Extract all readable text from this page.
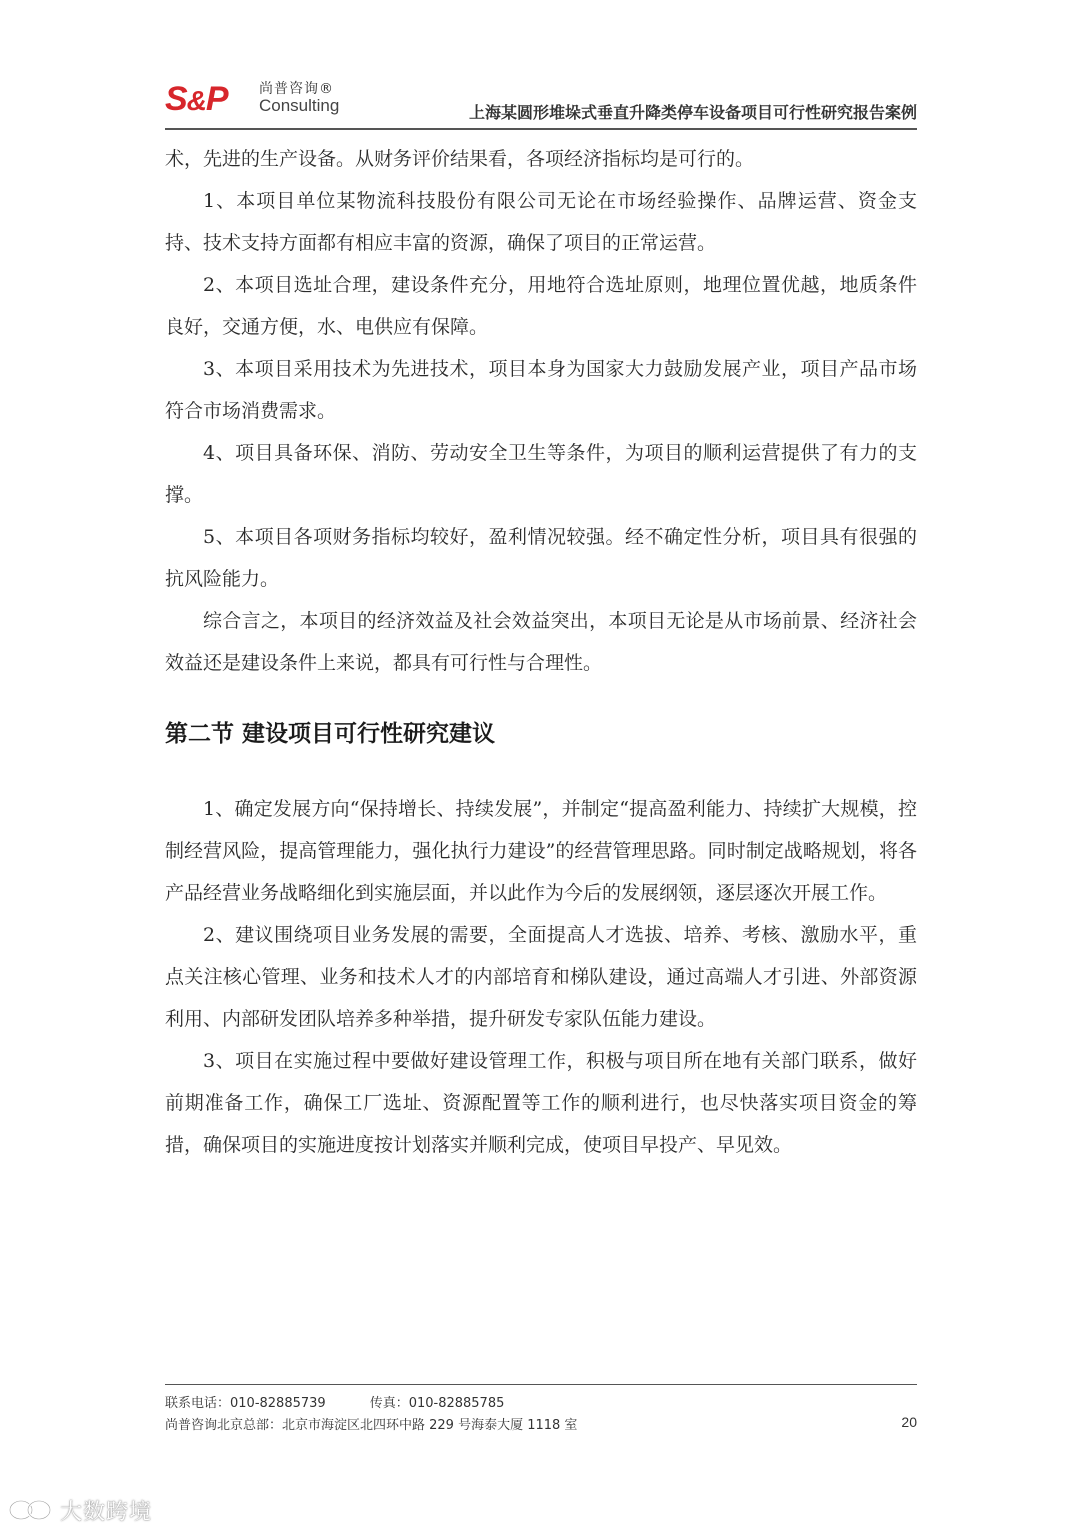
S&P 尚普咨询®
Consulting	上海某圆形堆垛式垂直升降类停车设备项目可行性研究报告案例

术，先进的生产设备。从财务评价结果看，各项经济指标均是可行的。

1、本项目单位某物流科技股份有限公司无论在市场经验操作、品牌运营、资金支持、技术支持方面都有相应丰富的资源，确保了项目的正常运营。

2、本项目选址合理，建设条件充分，用地符合选址原则，地理位置优越，地质条件良好，交通方便，水、电供应有保障。

3、本项目采用技术为先进技术，项目本身为国家大力鼓励发展产业，项目产品市场符合市场消费需求。

4、项目具备环保、消防、劳动安全卫生等条件，为项目的顺利运营提供了有力的支撑。

5、本项目各项财务指标均较好，盈利情况较强。经不确定性分析，项目具有很强的抗风险能力。

综合言之，本项目的经济效益及社会效益突出，本项目无论是从市场前景、经济社会效益还是建设条件上来说，都具有可行性与合理性。

第二节 建设项目可行性研究建议

1、确定发展方向“保持增长、持续发展”，并制定“提高盈利能力、持续扩大规模，控制经营风险，提高管理能力，强化执行力建设”的经营管理思路。同时制定战略规划，将各产品经营业务战略细化到实施层面，并以此作为今后的发展纲领，逐层逐次开展工作。

2、建议围绕项目业务发展的需要，全面提高人才选拔、培养、考核、激励水平，重点关注核心管理、业务和技术人才的内部培育和梯队建设，通过高端人才引进、外部资源利用、内部研发团队培养多种举措，提升研发专家队伍能力建设。

3、项目在实施过程中要做好建设管理工作，积极与项目所在地有关部门联系，做好前期准备工作，确保工厂选址、资源配置等工作的顺利进行，也尽快落实项目资金的筹措，确保项目的实施进度按计划落实并顺利完成，使项目早投产、早见效。

联系电话：010-82885739	传真：010-82885785
尚普咨询北京总部：北京市海淀区北四环中路 229 号海泰大厦 1118 室	20
大数跨境
